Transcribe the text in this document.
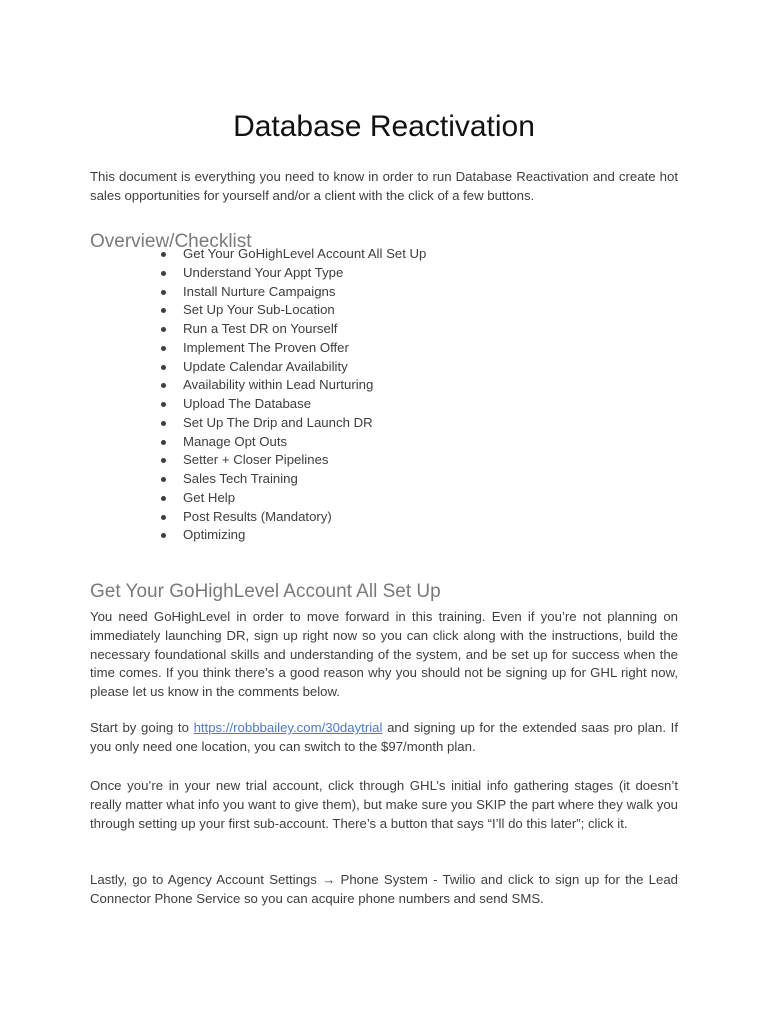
Database Reactivation

This document is everything you need to know in order to run Database Reactivation and create hot sales opportunities for yourself and/or a client with the click of a few buttons.

Overview/Checklist
Get Your GoHighLevel Account All Set Up
Understand Your Appt Type
Install Nurture Campaigns
Set Up Your Sub-Location
Run a Test DR on Yourself
Implement The Proven Offer
Update Calendar Availability
Availability within Lead Nurturing
Upload The Database
Set Up The Drip and Launch DR
Manage Opt Outs
Setter + Closer Pipelines
Sales Tech Training
Get Help
Post Results (Mandatory)
Optimizing
Get Your GoHighLevel Account All Set Up

You need GoHighLevel in order to move forward in this training. Even if you’re not planning on immediately launching DR, sign up right now so you can click along with the instructions, build the necessary foundational skills and understanding of the system, and be set up for success when the time comes. If you think there’s a good reason why you should not be signing up for GHL right now, please let us know in the comments below.

Start by going to https://robbbailey.com/30daytrial and signing up for the extended saas pro plan. If you only need one location, you can switch to the $97/month plan.

Once you’re in your new trial account, click through GHL’s initial info gathering stages (it doesn’t really matter what info you want to give them), but make sure you SKIP the part where they walk you through setting up your first sub-account. There’s a button that says “I’ll do this later”; click it.

Lastly, go to Agency Account Settings → Phone System - Twilio and click to sign up for the Lead Connector Phone Service so you can acquire phone numbers and send SMS.
